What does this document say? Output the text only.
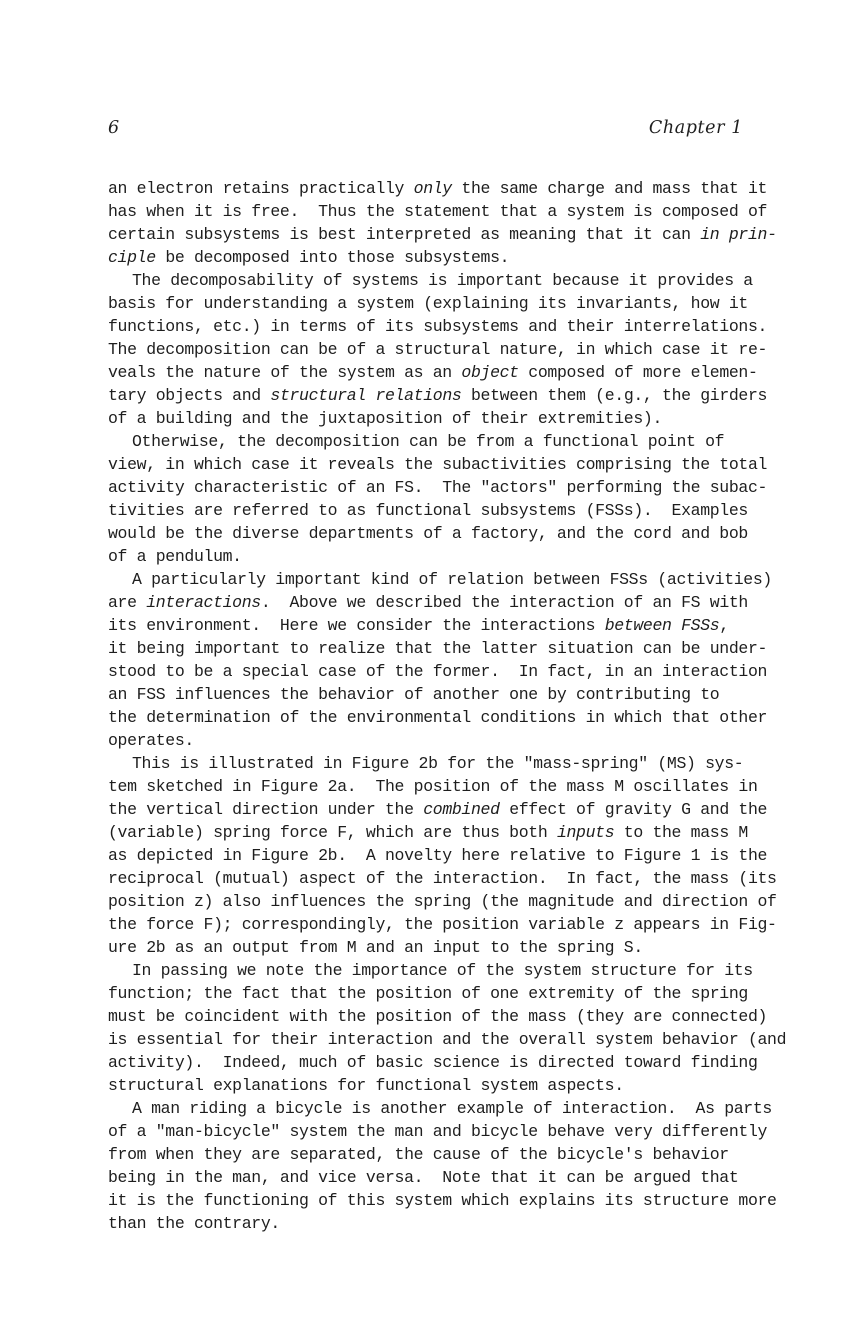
6	Chapter 1
an electron retains practically only the same charge and mass that it
has when it is free.  Thus the statement that a system is composed of
certain subsystems is best interpreted as meaning that it can in prin-
ciple be decomposed into those subsystems.
The decomposability of systems is important because it provides a
basis for understanding a system (explaining its invariants, how it
functions, etc.) in terms of its subsystems and their interrelations.
The decomposition can be of a structural nature, in which case it re-
veals the nature of the system as an object composed of more elemen-
tary objects and structural relations between them (e.g., the girders
of a building and the juxtaposition of their extremities).
Otherwise, the decomposition can be from a functional point of
view, in which case it reveals the subactivities comprising the total
activity characteristic of an FS.  The "actors" performing the subac-
tivities are referred to as functional subsystems (FSSs).  Examples
would be the diverse departments of a factory, and the cord and bob
of a pendulum.
A particularly important kind of relation between FSSs (activities)
are interactions.  Above we described the interaction of an FS with
its environment.  Here we consider the interactions between FSSs,
it being important to realize that the latter situation can be under-
stood to be a special case of the former.  In fact, in an interaction
an FSS influences the behavior of another one by contributing to
the determination of the environmental conditions in which that other
operates.
This is illustrated in Figure 2b for the "mass-spring" (MS) sys-
tem sketched in Figure 2a.  The position of the mass M oscillates in
the vertical direction under the combined effect of gravity G and the
(variable) spring force F, which are thus both inputs to the mass M
as depicted in Figure 2b.  A novelty here relative to Figure 1 is the
reciprocal (mutual) aspect of the interaction.  In fact, the mass (its
position z) also influences the spring (the magnitude and direction of
the force F); correspondingly, the position variable z appears in Fig-
ure 2b as an output from M and an input to the spring S.
In passing we note the importance of the system structure for its
function; the fact that the position of one extremity of the spring
must be coincident with the position of the mass (they are connected)
is essential for their interaction and the overall system behavior (and
activity).  Indeed, much of basic science is directed toward finding
structural explanations for functional system aspects.
A man riding a bicycle is another example of interaction.  As parts
of a "man-bicycle" system the man and bicycle behave very differently
from when they are separated, the cause of the bicycle's behavior
being in the man, and vice versa.  Note that it can be argued that
it is the functioning of this system which explains its structure more
than the contrary.
